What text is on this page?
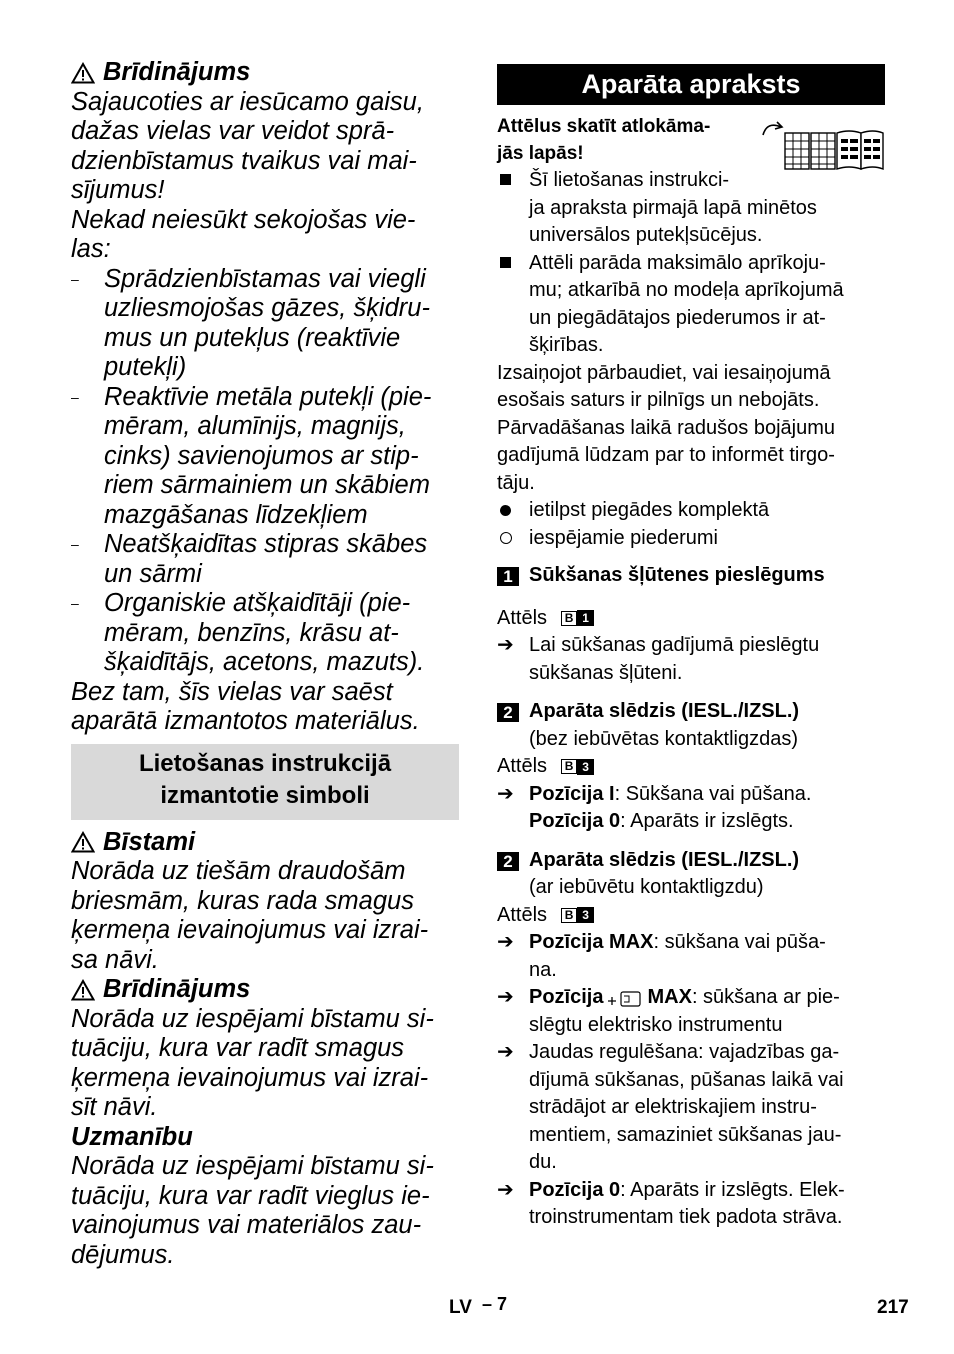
Brīdinājums

Sajaucoties ar iesūcamo gaisu,

dažas vielas var veidot sprā-

dzienbīstamus tvaikus vai mai-

sījumus!

Nekad neiesūkt sekojošas vie-

las:

– Sprādzienbīstamas vai viegli

uzliesmojošas gāzes, šķidru-

mus un putekļus (reaktīvie

putekļi)

– Reaktīvie metāla putekļi (pie-

mēram, alumīnijs, magnijs,

cinks) savienojumos ar stip-

riem sārmainiem un skābiem

mazgāšanas līdzekļiem

– Neatšķaidītas stipras skābes

un sārmi

– Organiskie atšķaidītāji (pie-

mēram, benzīns, krāsu at-

šķaidītājs, acetons, mazuts).

Bez tam, šīs vielas var saēst

aparātā izmantotos materiālus.

Lietošanas instrukcijā
izmantotie simboli
Bīstami

Norāda uz tiešām draudošām

briesmām, kuras rada smagus

ķermeņa ievainojumus vai izrai-

sa nāvi.

Brīdinājums

Norāda uz iespējami bīstamu si-

tuāciju, kura var radīt smagus

ķermeņa ievainojumus vai izrai-

sīt nāvi.

Uzmanību

Norāda uz iespējami bīstamu si-

tuāciju, kura var radīt vieglus ie-

vainojumus vai materiālos zau-

dējumus.

Aparāta apraksts
Attēlus skatīt atlokāma-
jās lapās!
Šī lietošanas instrukci-
ja apraksta pirmajā lapā minētos
universālos putekļsūcējus.
Attēli parāda maksimālo aprīkoju-
mu; atkarībā no modeļa aprīkojumā
un piegādātajos piederumos ir at-
šķirības.
Izsaiņojot pārbaudiet, vai iesaiņojumā
esošais saturs ir pilnīgs un nebojāts.
Pārvadāšanas laikā radušos bojājumu
gadījumā lūdzam par to informēt tirgo-
tāju.
ietilpst piegādes komplektā
iespējamie piederumi
1 Sūkšanas šļūtenes pieslēgums
Attēls	B 1
➔ Lai sūkšanas gadījumā pieslēgtu
sūkšanas šļūteni.
2 Aparāta slēdzis (IESL./IZSL.)
(bez iebūvētas kontaktligzdas)
Attēls	B 3
➔ Pozīcija I: Sūkšana vai pūšana.
Pozīcija 0: Aparāts ir izslēgts.
2 Aparāta slēdzis (IESL./IZSL.)
(ar iebūvētu kontaktligzdu)
Attēls	B 3
➔ Pozīcija MAX: sūkšana vai pūša-
na.
➔ Pozīcija MAX: sūkšana ar pie-
slēgtu elektrisko instrumentu
➔ Jaudas regulēšana: vajadzības ga-
dījumā sūkšanas, pūšanas laikā vai
strādājot ar elektriskajiem instru-
mentiem, samaziniet sūkšanas jau-
du.
➔ Pozīcija 0: Aparāts ir izslēgts. Elek-
troinstrumentam tiek padota strāva.
LV – 7	217
